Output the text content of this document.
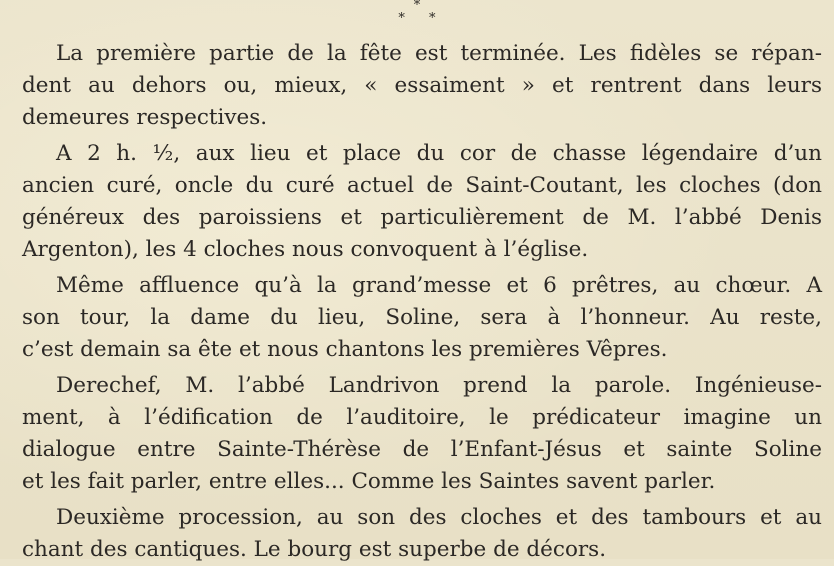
*
* *
La première partie de la fête est terminée. Les fidèles se répan-
dent au dehors ou, mieux, « essaiment » et rentrent dans leurs
demeures respectives.
A 2 h. ½, aux lieu et place du cor de chasse légendaire d’un
ancien curé, oncle du curé actuel de Saint-Coutant, les cloches (don
généreux des paroissiens et particulièrement de M. l’abbé Denis
Argenton), les 4 cloches nous convoquent à l’église.
Même affluence qu’à la grand’messe et 6 prêtres, au chœur. A
son tour, la dame du lieu, Soline, sera à l’honneur. Au reste,
c’est demain sa ête et nous chantons les premières Vêpres.
Derechef, M. l’abbé Landrivon prend la parole. Ingénieuse-
ment, à l’édification de l’auditoire, le prédicateur imagine un
dialogue entre Sainte-Thérèse de l’Enfant-Jésus et sainte Soline
et les fait parler, entre elles... Comme les Saintes savent parler.
Deuxième procession, au son des cloches et des tambours et au
chant des cantiques. Le bourg est superbe de décors.
